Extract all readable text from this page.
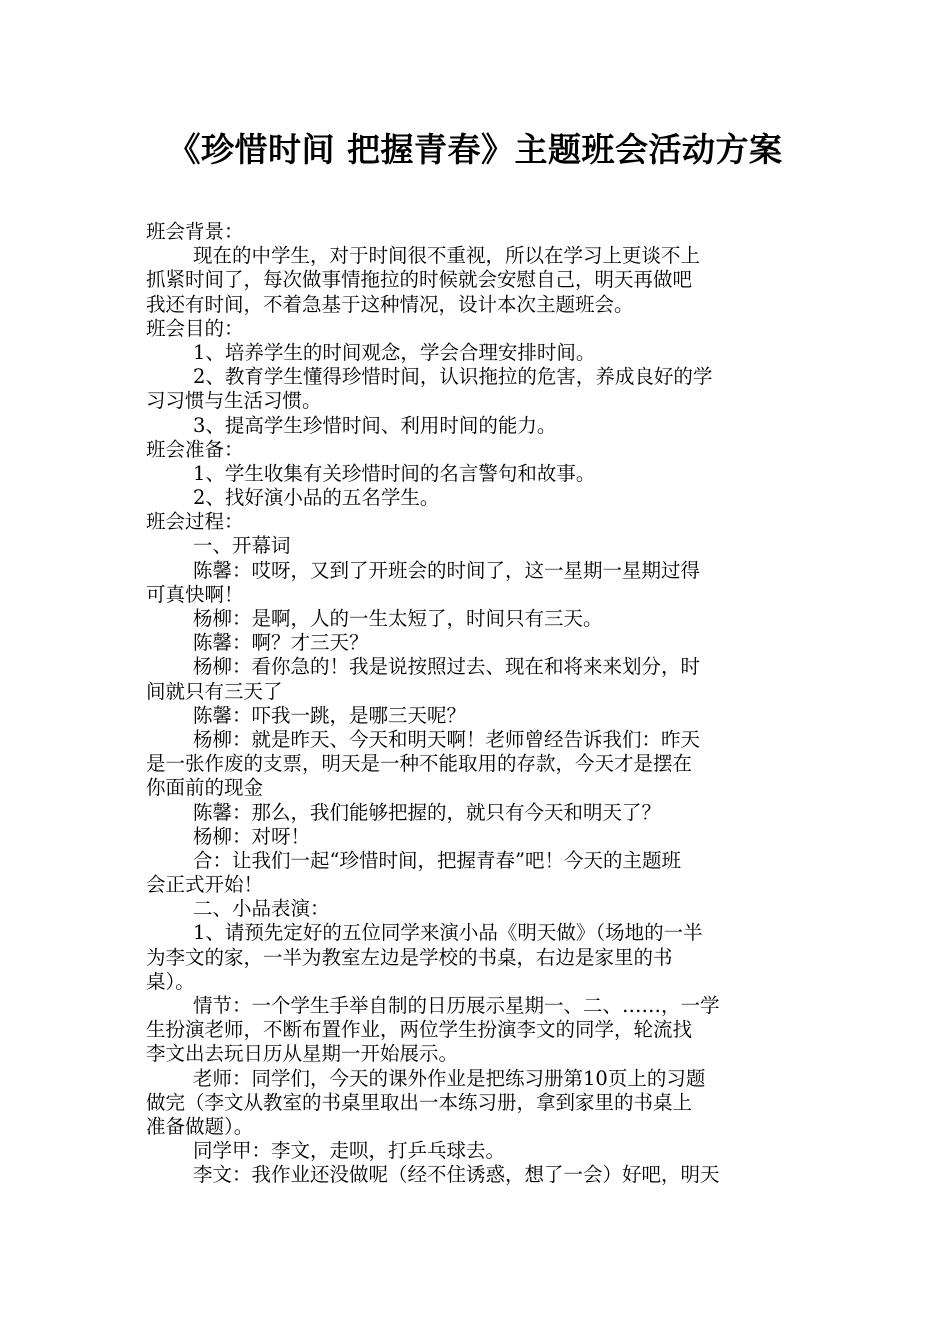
《珍惜时间 把握青春》主题班会活动方案
班会背景：
现在的中学生，对于时间很不重视，所以在学习上更谈不上
抓紧时间了，每次做事情拖拉的时候就会安慰自己，明天再做吧
我还有时间，不着急基于这种情况，设计本次主题班会。
班会目的：
1、培养学生的时间观念，学会合理安排时间。
2、教育学生懂得珍惜时间，认识拖拉的危害，养成良好的学
习习惯与生活习惯。
3、提高学生珍惜时间、利用时间的能力。
班会准备：
1、学生收集有关珍惜时间的名言警句和故事。
2、找好演小品的五名学生。
班会过程：
一、开幕词
陈馨：哎呀，又到了开班会的时间了，这一星期一星期过得
可真快啊！
杨柳：是啊，人的一生太短了，时间只有三天。
陈馨：啊？才三天？
杨柳：看你急的！我是说按照过去、现在和将来来划分，时
间就只有三天了
陈馨：吓我一跳，是哪三天呢？
杨柳：就是昨天、今天和明天啊！老师曾经告诉我们：昨天
是一张作废的支票，明天是一种不能取用的存款，今天才是摆在
你面前的现金
陈馨：那么，我们能够把握的，就只有今天和明天了？
杨柳：对呀！
合：让我们一起“珍惜时间，把握青春”吧！今天的主题班
会正式开始！
二、小品表演：
1、请预先定好的五位同学来演小品《明天做》（场地的一半
为李文的家，一半为教室左边是学校的书桌，右边是家里的书
桌）。
情节：一个学生手举自制的日历展示星期一、二、……，一学
生扮演老师，不断布置作业，两位学生扮演李文的同学，轮流找
李文出去玩日历从星期一开始展示。
老师：同学们，今天的课外作业是把练习册第10页上的习题
做完（李文从教室的书桌里取出一本练习册，拿到家里的书桌上
准备做题）。
同学甲：李文，走呗，打乒乓球去。
李文：我作业还没做呢（经不住诱惑，想了一会）好吧，明天
